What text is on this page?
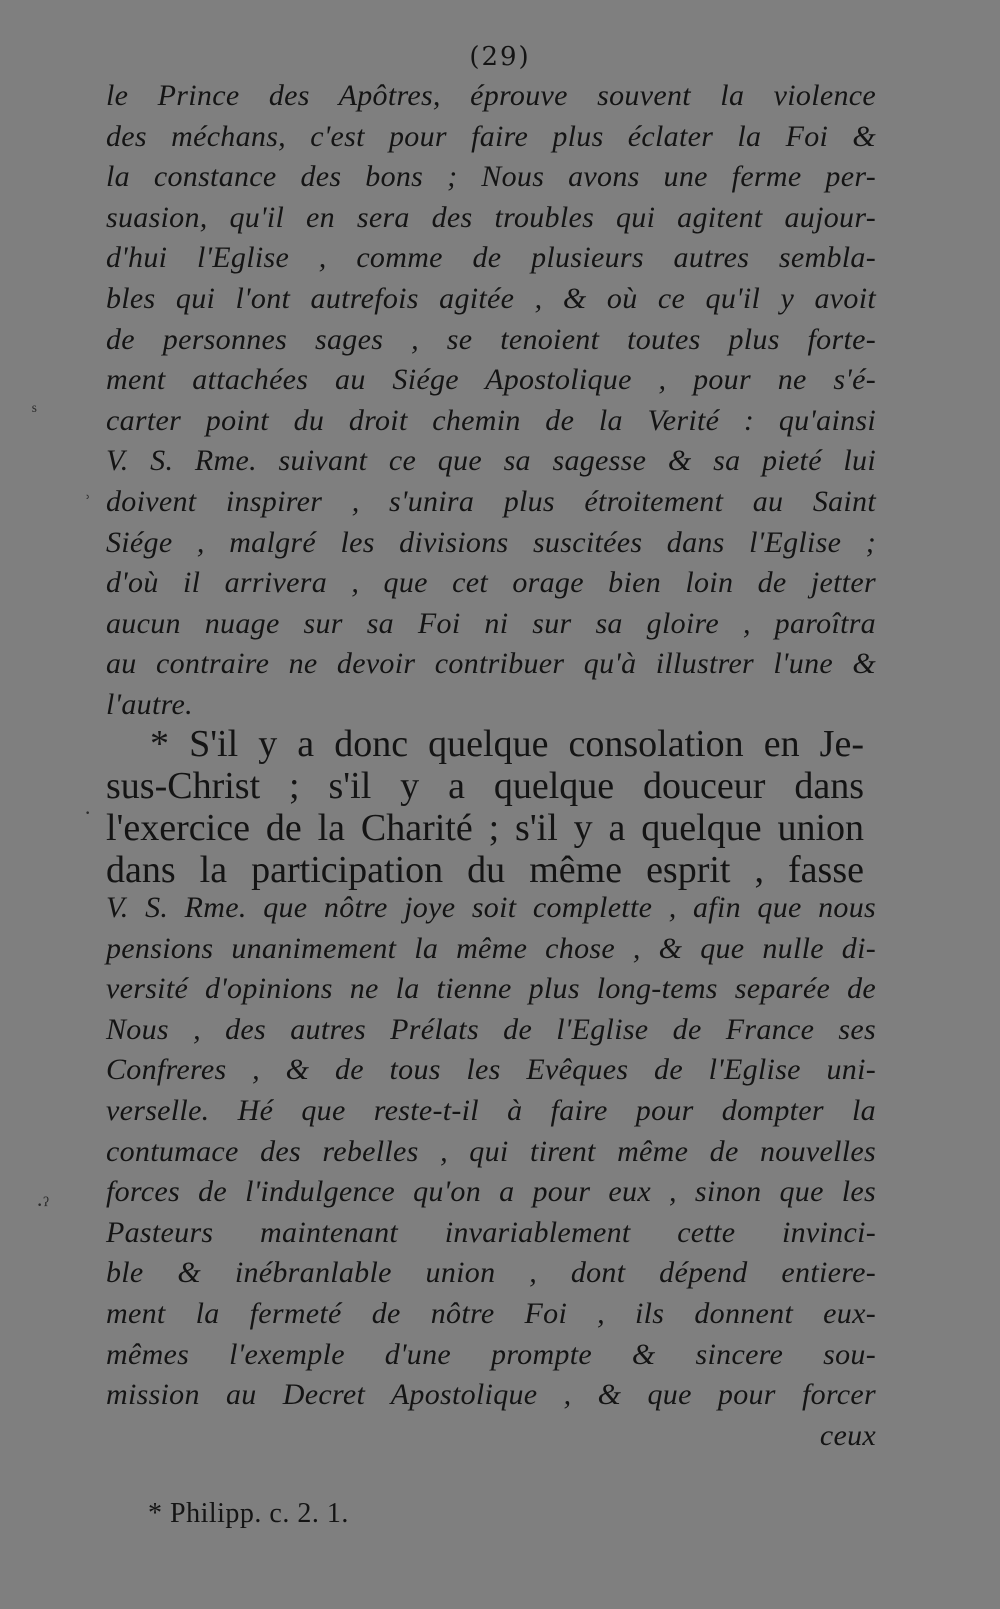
(29)
le Prince des Apôtres, éprouve souvent la violence
des méchans, c'est pour faire plus éclater la Foi &
la constance des bons ; Nous avons une ferme per-
suasion, qu'il en sera des troubles qui agitent aujour-
d'hui l'Eglise , comme de plusieurs autres sembla-
bles qui l'ont autrefois agitée , & où ce qu'il y avoit
de personnes sages , se tenoient toutes plus forte-
ment attachées au Siége Apostolique , pour ne s'é-
carter point du droit chemin de la Verité : qu'ainsi
V. S. Rme. suivant ce que sa sagesse & sa pieté lui
doivent inspirer , s'unira plus étroitement au Saint
Siége , malgré les divisions suscitées dans l'Eglise ;
d'où il arrivera , que cet orage bien loin de jetter
aucun nuage sur sa Foi ni sur sa gloire , paroîtra
au contraire ne devoir contribuer qu'à illustrer l'une &
l'autre.
* S'il y a donc quelque consolation en Je-
sus-Christ ; s'il y a quelque douceur dans
l'exercice de la Charité ; s'il y a quelque union
dans la participation du même esprit , fasse
V. S. Rme. que nôtre joye soit complette , afin que nous
pensions unanimement la même chose , & que nulle di-
versité d'opinions ne la tienne plus long-tems separée de
Nous , des autres Prélats de l'Eglise de France ses
Confreres , & de tous les Evêques de l'Eglise uni-
verselle. Hé que reste-t-il à faire pour dompter la
contumace des rebelles , qui tirent même de nouvelles
forces de l'indulgence qu'on a pour eux , sinon que les
Pasteurs maintenant invariablement cette invinci-
ble & inébranlable union , dont dépend entiere-
ment la fermeté de nôtre Foi , ils donnent eux-
mêmes l'exemple d'une prompte & sincere sou-
mission au Decret Apostolique , & que pour forcer
ceux
* Philipp. c. 2. 1.
ˢ
˒
·
·ˀ
